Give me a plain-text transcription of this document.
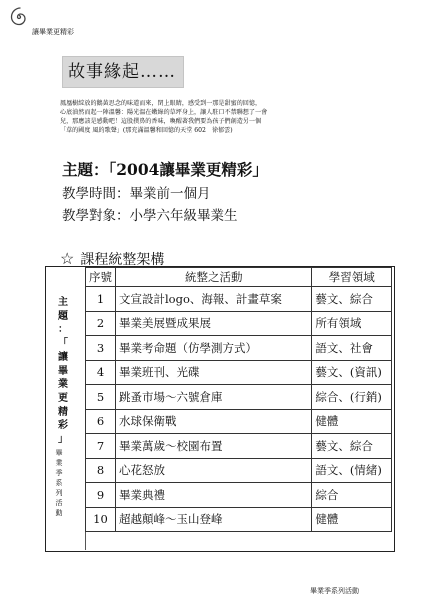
讓畢業更精彩
故事緣起……
鳳凰樹綻放的鵝黃思念的味道而來，閉上眼睛，感受到一那是甜蜜的回憶，
心底油然而起一陣溫馨：陽光溫在嫩綠的草坪身上，讓人駐口不禁聯想了一會
兒，那應該是感動吧！這股撲鼻的香味，喚醒著我們要為孩子們創造另一個
「草的國度 風的歌聲」(那充滿溫馨和回憶的天堂 602　徐郁雲)
主題：「2004讓畢業更精彩」
教學時間：畢業前一個月
教學對象：小學六年級畢業生
☆ 課程統整架構
主
題
：
「
讓
畢
業
更
精
彩
」
畢
業
季
系
列
活
動
序號	統整之活動	學習領域
1	文宣設計logo、海報、計畫草案	藝文、綜合
2	畢業美展暨成果展	所有領域
3	畢業考命題（仿學測方式）	語文、社會
4	畢業班刊、光碟	藝文、(資訊)
5	跳蚤市場～六號倉庫	綜合、(行銷)
6	水球保衛戰	健體
7	畢業萬歲～校園布置	藝文、綜合
8	心花怒放	語文、(情緒)
9	畢業典禮	綜合
10	超越顛峰～玉山登峰	健體
畢業季系列活動
